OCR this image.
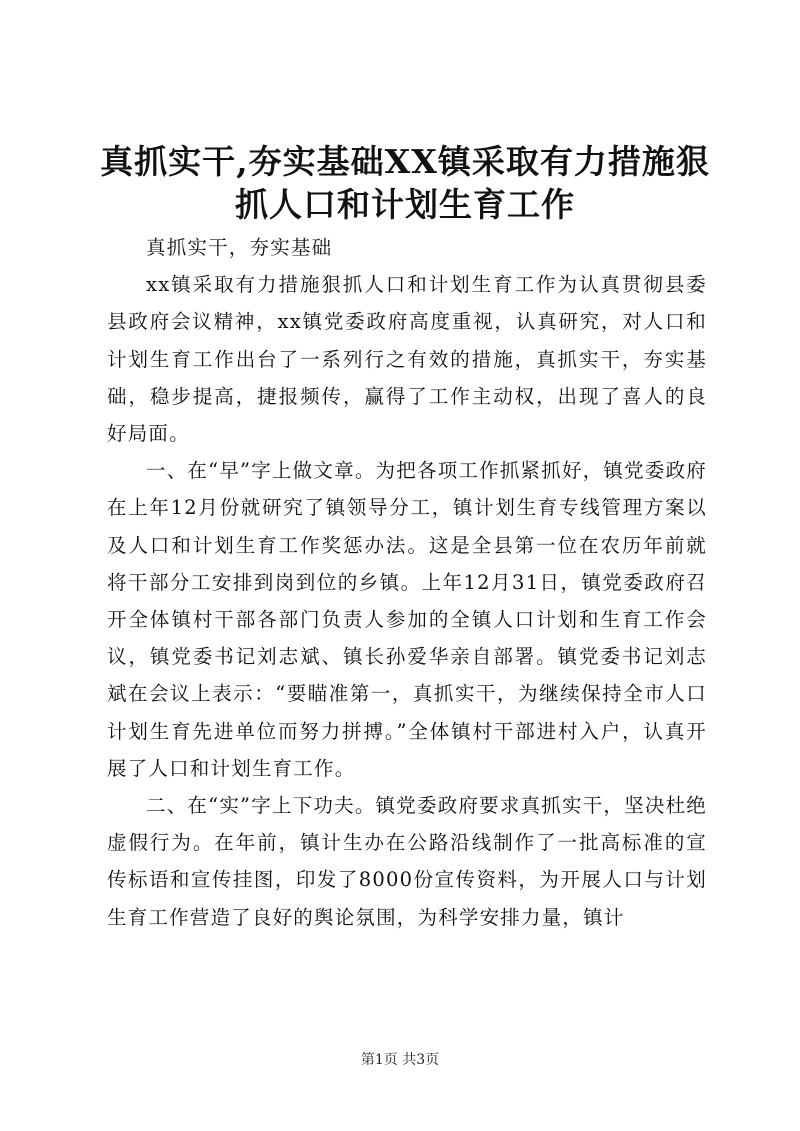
真抓实干,夯实基础XX镇采取有力措施狠抓人口和计划生育工作

真抓实干，夯实基础

xx镇采取有力措施狠抓人口和计划生育工作为认真贯彻县委县政府会议精神，xx镇党委政府高度重视，认真研究，对人口和计划生育工作出台了一系列行之有效的措施，真抓实干，夯实基础，稳步提高，捷报频传，赢得了工作主动权，出现了喜人的良好局面。

一、在“早”字上做文章。为把各项工作抓紧抓好，镇党委政府在上年12月份就研究了镇领导分工，镇计划生育专线管理方案以及人口和计划生育工作奖惩办法。这是全县第一位在农历年前就将干部分工安排到岗到位的乡镇。上年12月31日，镇党委政府召开全体镇村干部各部门负责人参加的全镇人口计划和生育工作会议，镇党委书记刘志斌、镇长孙爱华亲自部署。镇党委书记刘志斌在会议上表示：“要瞄准第一，真抓实干，为继续保持全市人口计划生育先进单位而努力拼搏。”全体镇村干部进村入户，认真开展了人口和计划生育工作。

二、在“实”字上下功夫。镇党委政府要求真抓实干，坚决杜绝虚假行为。在年前，镇计生办在公路沿线制作了一批高标准的宣传标语和宣传挂图，印发了8000份宣传资料，为开展人口与计划生育工作营造了良好的舆论氛围，为科学安排力量，镇计

第1页 共3页
